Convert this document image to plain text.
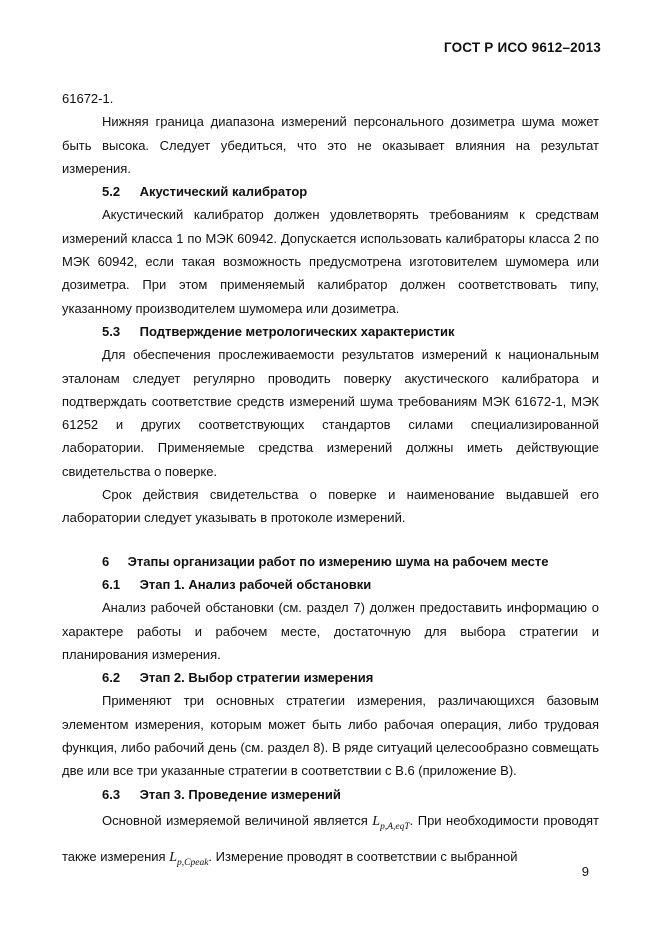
ГОСТ Р ИСО 9612–2013

61672-1.

Нижняя граница диапазона измерений персонального дозиметра шума может быть высока. Следует убедиться, что это не оказывает влияния на результат измерения.

5.2 Акустический калибратор

Акустический калибратор должен удовлетворять требованиям к средствам измерений класса 1 по МЭК 60942. Допускается использовать калибраторы класса 2 по МЭК 60942, если такая возможность предусмотрена изготовителем шумомера или дозиметра. При этом применяемый калибратор должен соответствовать типу, указанному производителем шумомера или дозиметра.

5.3 Подтверждение метрологических характеристик

Для обеспечения прослеживаемости результатов измерений к национальным эталонам следует регулярно проводить поверку акустического калибратора и подтверждать соответствие средств измерений шума требованиям МЭК 61672-1, МЭК 61252 и других соответствующих стандартов силами специализированной лаборатории. Применяемые средства измерений должны иметь действующие свидетельства о поверке.

Срок действия свидетельства о поверке и наименование выдавшей его лаборатории следует указывать в протоколе измерений.

6 Этапы организации работ по измерению шума на рабочем месте

6.1 Этап 1. Анализ рабочей обстановки

Анализ рабочей обстановки (см. раздел 7) должен предоставить информацию о характере работы и рабочем месте, достаточную для выбора стратегии и планирования измерения.

6.2 Этап 2. Выбор стратегии измерения

Применяют три основных стратегии измерения, различающихся базовым элементом измерения, которым может быть либо рабочая операция, либо трудовая функция, либо рабочий день (см. раздел 8). В ряде ситуаций целесообразно совмещать две или все три указанные стратегии в соответствии с В.6 (приложение В).

6.3 Этап 3. Проведение измерений

Основной измеряемой величиной является $L_{p,A,eqT}$. При необходимости проводят также измерения $L_{p,Cpeak}$. Измерение проводят в соответствии с выбранной

9
